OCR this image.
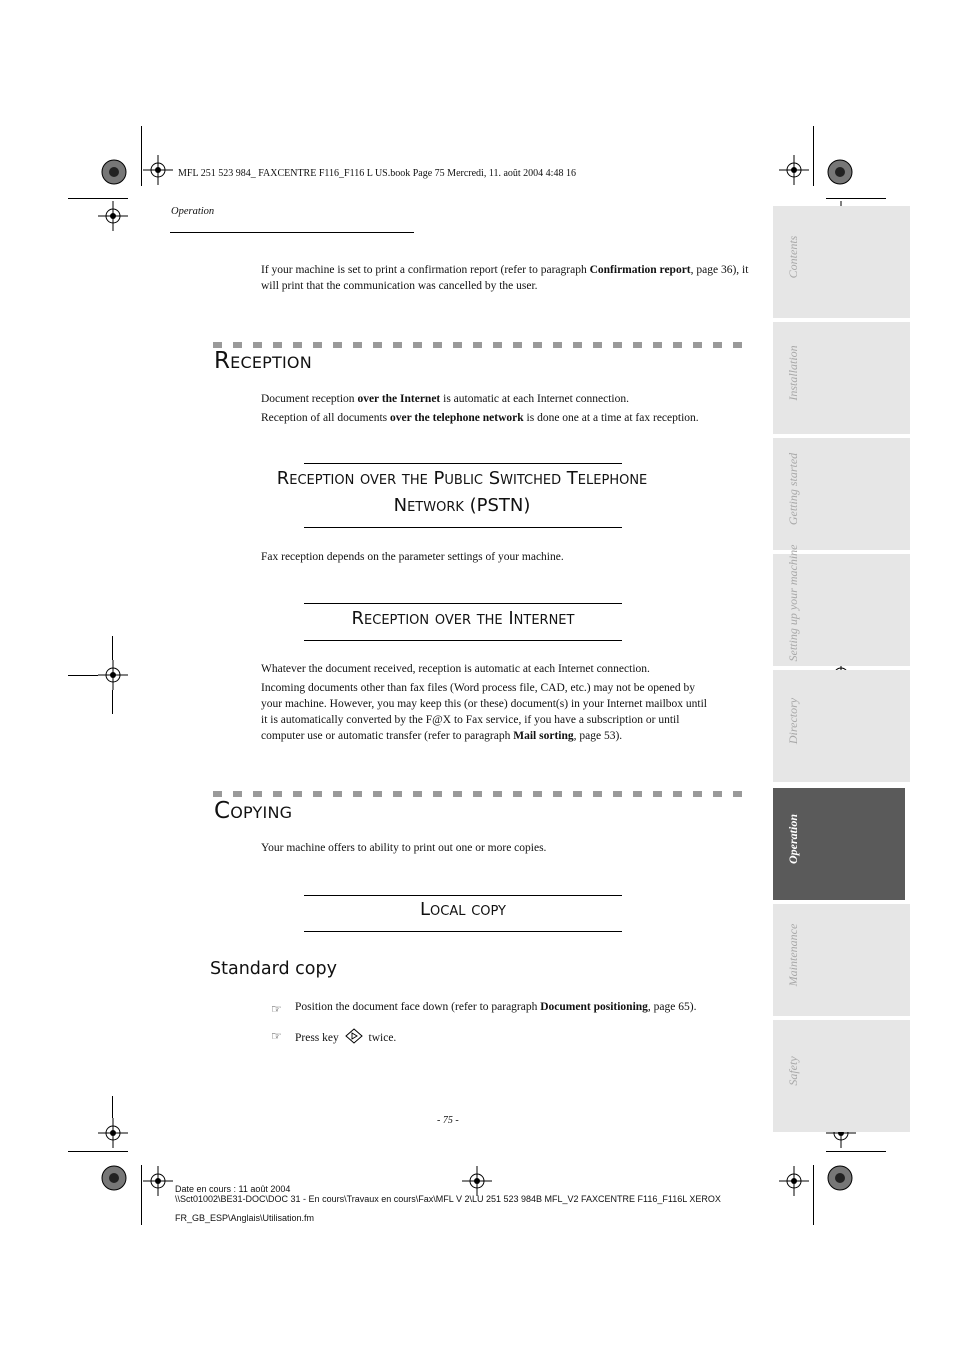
MFL 251 523 984_ FAXCENTRE F116_F116 L US.book Page 75 Mercredi, 11. août 2004 4:48 16
Operation
If your machine is set to print a confirmation report (refer to paragraph Confirmation report, page 36), it will print that the communication was cancelled by the user.
Reception
Document reception over the Internet is automatic at each Internet connection.
Reception of all documents over the telephone network is done one at a time at fax reception.
Reception over the Public Switched Telephone
Network (PSTN)
Fax reception depends on the parameter settings of your machine.
Reception over the Internet
Whatever the document received, reception is automatic at each Internet connection.
Incoming documents other than fax files (Word process file, CAD, etc.) may not be opened by
your machine. However, you may keep this (or these) document(s) in your Internet mailbox until
it is automatically converted by the F@X to Fax service, if you have a subscription or until
computer use or automatic transfer (refer to paragraph Mail sorting, page 53).
Copying
Your machine offers to ability to print out one or more copies.
Local copy
Standard copy
☞ Position the document face down (refer to paragraph Document positioning, page 65).
☞ Press key  twice.
Contents
Installation
Getting started
Setting up your machine
Directory
Operation
Maintenance
Safety
- 75 -
Date en cours : 11 août 2004
\\Sct01002\BE31-DOC\DOC 31 - En cours\Travaux en cours\Fax\MFL V 2\LU 251 523 984B MFL_V2 FAXCENTRE F116_F116L XEROX
FR_GB_ESP\Anglais\Utilisation.fm
